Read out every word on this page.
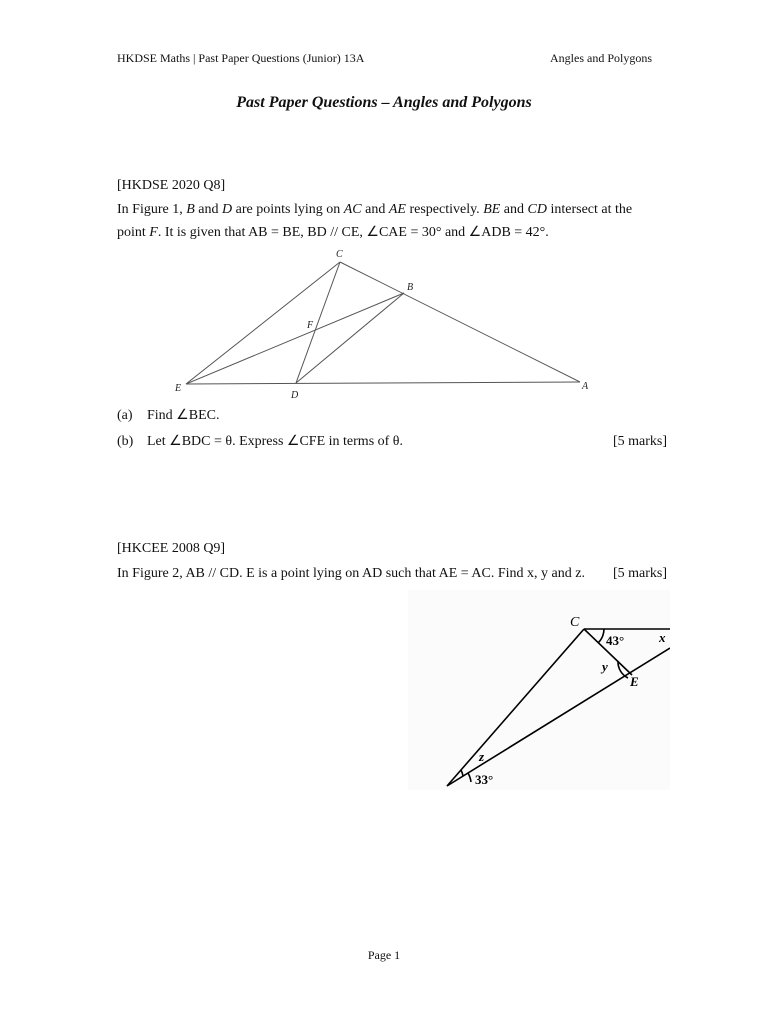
HKDSE Maths | Past Paper Questions (Junior) 13A	Angles and Polygons
Past Paper Questions – Angles and Polygons
[HKDSE 2020 Q8]
In Figure 1, B and D are points lying on AC and AE respectively. BE and CD intersect at the point F. It is given that AB = BE, BD // CE, ∠CAE = 30° and ∠ADB = 42°.
C
B
F
E
D
A
(a) Find ∠BEC.
(b) Let ∠BDC = θ. Express ∠CFE in terms of θ.	[5 marks]
[HKCEE 2008 Q9]
In Figure 2, AB // CD. E is a point lying on AD such that AE = AC. Find x, y and z. [5 marks]
C
43°	x
y
E
z
33°
Page 1
